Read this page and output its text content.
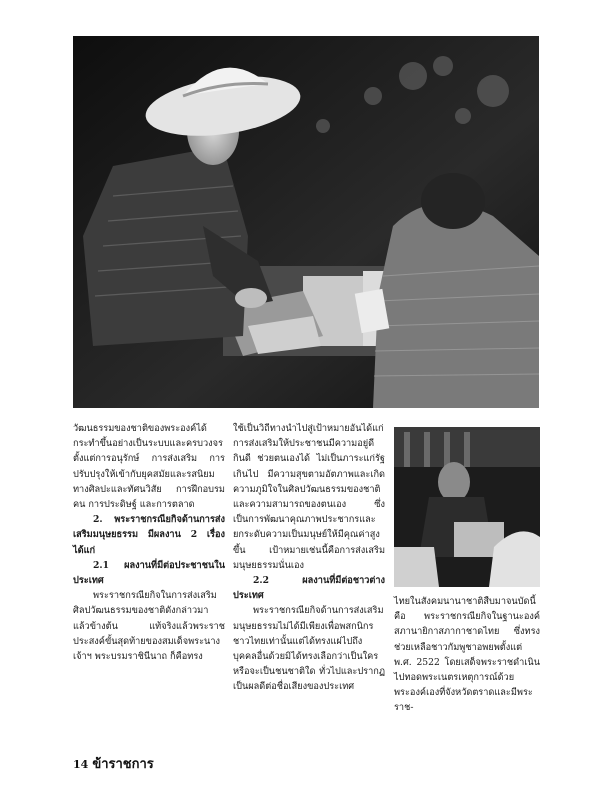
วัฒนธรรมของชาติของพระองค์ได้กระทำขึ้นอย่างเป็นระบบและครบวงจรตั้งแต่การอนุรักษ์ การส่งเสริม การปรับปรุงให้เข้ากับยุคสมัยและรสนิยมทางศิลปะและทัศนวิสัย การฝึกอบรมคน การประดิษฐ์ และการตลาด

2. พระราชกรณียกิจด้านการส่งเสริมมนุษยธรรม มีผลงาน 2 เรื่อง ได้แก่

2.1 ผลงานที่มีต่อประชาชนในประเทศ

พระราชกรณียกิจในการส่งเสริมศิลปวัฒนธรรมของชาติดังกล่าวมาแล้วข้างต้น แท้จริงแล้วพระราชประสงค์ขั้นสุดท้ายของสมเด็จพระนางเจ้าฯ พระบรมราชินีนาถ ก็คือทรง

ใช้เป็นวิถีทางนำไปสู่เป้าหมายอันได้แก่การส่งเสริมให้ประชาชนมีความอยู่ดีกินดี ช่วยตนเองได้ ไม่เป็นภาระแก่รัฐเกินไป มีความสุขตามอัตภาพและเกิดความภูมิใจในศิลปวัฒนธรรมของชาติและความสามารถของตนเอง ซึ่งเป็นการพัฒนาคุณภาพประชากรและยกระดับความเป็นมนุษย์ให้มีคุณค่าสูงขึ้น เป้าหมายเช่นนี้คือการส่งเสริมมนุษยธรรมนั่นเอง

2.2 ผลงานที่มีต่อชาวต่างประเทศ

พระราชกรณียกิจด้านการส่งเสริมมนุษยธรรมไม่ได้มีเพียงเพื่อพสกนิกรชาวไทยเท่านั้นแต่ได้ทรงแผ่ไปถึงบุคคลอื่นด้วยมิได้ทรงเลือกว่าเป็นใคร หรือจะเป็นชนชาติใด ทั่วไปและปรากฏเป็นผลดีต่อชื่อเสียงของประเทศ

ไทยในสังคมนานาชาติสืบมาจนบัดนี้ คือ พระราชกรณียกิจในฐานะองค์สภานายิกาสภากาชาดไทย ซึ่งทรงช่วยเหลือชาวกัมพูชาอพยพตั้งแต่ พ.ศ. 2522 โดยเสด็จพระราชดำเนินไปทอดพระเนตรเหตุการณ์ด้วยพระองค์เองที่จังหวัดตราดและมีพระราช-

14 ข้าราชการ
